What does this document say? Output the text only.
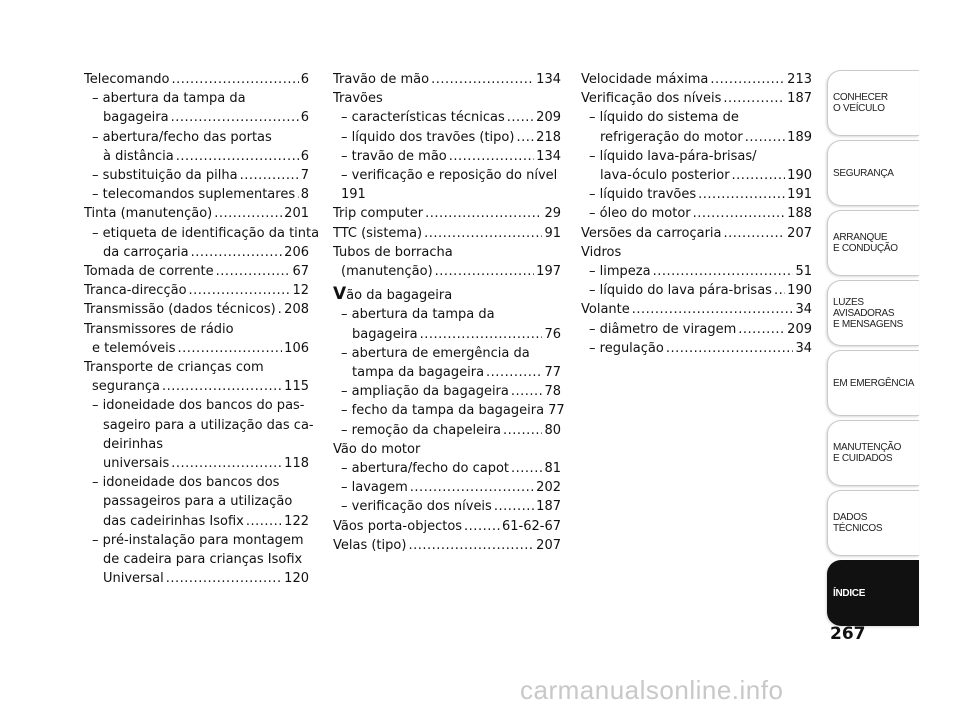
Telecomando .....	6
– abertura da tampa da
bagageira .....	6
– abertura/fecho das portas
à distância .....	6
– substituição da pilha .....	7
– telecomandos suplementares ..... 8
Tinta (manutenção) .....	201
– etiqueta de identificação da tinta
da carroçaria .....	206
Tomada de corrente .....	67
Tranca-direcção .....	12
Transmissão (dados técnicos) ..... 208
Transmissores de rádio
e telemóveis .....	106
Transporte de crianças com
segurança .....	115
– idoneidade dos bancos do pas-
sageiro para a utilização das ca-
deirinhas
universais .....	118
– idoneidade dos bancos dos
passageiros para a utilização
das cadeirinhas Isofix .....	122
– pré-instalação para montagem
de cadeira para crianças Isofix
Universal .....	120
Travão de mão .....	134
Travões
– características técnicas ..... 209
– líquido dos travões (tipo) ..... 218
– travão de mão .....	134
– verificação e reposição do nível
191
Trip computer .....	29
TTC (sistema) .....	91
Tubos de borracha
(manutenção) .....	197
Vão da bagageira
– abertura da tampa da
bagageira .....	76
– abertura de emergência da
tampa da bagageira .....	77
– ampliação da bagageira .....	78
– fecho da tampa da bagageira 77
– remoção da chapeleira .....	80
Vão do motor
– abertura/fecho do capot .....	81
– lavagem .....	202
– verificação dos níveis .....	187
Vãos porta-objectos .....	61-62-67
Velas (tipo) .....	207
Velocidade máxima .....	213
Verificação dos níveis .....	187
– líquido do sistema de
refrigeração do motor .....	189
– líquido lava-pára-brisas/
lava-óculo posterior .....	190
– líquido travões .....	191
– óleo do motor .....	188
Versões da carroçaria .....	207
Vidros
– limpeza .....	51
– líquido do lava pára-brisas ..... 190
Volante .....	34
– diâmetro de viragem .....	209
– regulação .....	34
CONHECER
O VEÍCULO
SEGURANÇA
ARRANQUE
E CONDUÇÃO
LUZES
AVISADORAS
E MENSAGENS
EM EMERGÊNCIA
MANUTENÇÃO
E CUIDADOS
DADOS
TÉCNICOS
ÍNDICE
267
carmanualsonline.info
